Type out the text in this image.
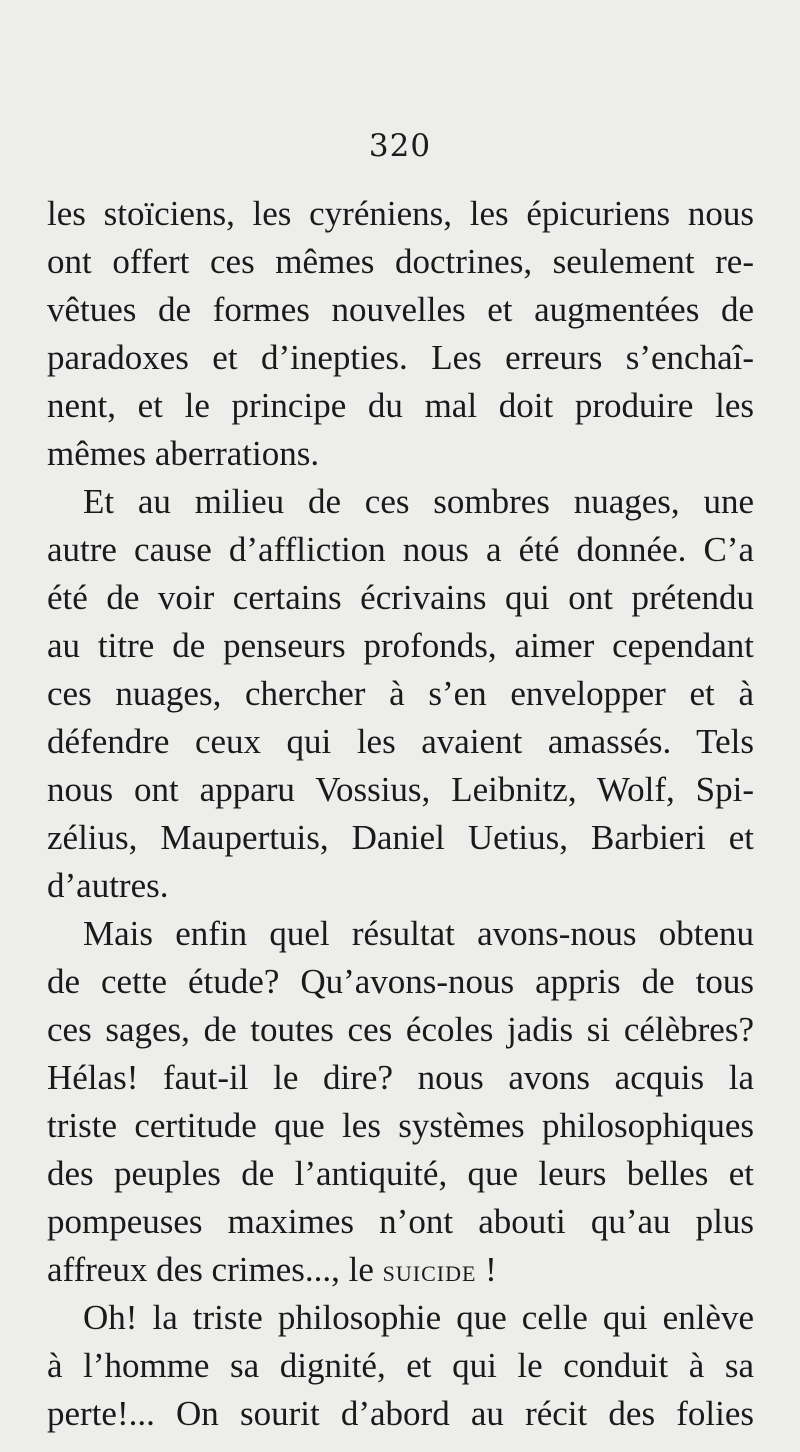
320
les stoïciens, les cyréniens, les épicuriens nous
ont offert ces mêmes doctrines, seulement re-
vêtues de formes nouvelles et augmentées de
paradoxes et d’inepties. Les erreurs s’enchaî-
nent, et le principe du mal doit produire les
mêmes aberrations.
Et au milieu de ces sombres nuages, une
autre cause d’affliction nous a été donnée. C’a
été de voir certains écrivains qui ont prétendu
au titre de penseurs profonds, aimer cependant
ces nuages, chercher à s’en envelopper et à
défendre ceux qui les avaient amassés. Tels
nous ont apparu Vossius, Leibnitz, Wolf, Spi-
zélius, Maupertuis, Daniel Uetius, Barbieri et
d’autres.
Mais enfin quel résultat avons-nous obtenu
de cette étude? Qu’avons-nous appris de tous
ces sages, de toutes ces écoles jadis si célèbres?
Hélas! faut-il le dire? nous avons acquis la
triste certitude que les systèmes philosophiques
des peuples de l’antiquité, que leurs belles et
pompeuses maximes n’ont abouti qu’au plus
affreux des crimes..., le SUICIDE !
Oh! la triste philosophie que celle qui enlève
à l’homme sa dignité, et qui le conduit à sa
perte!... On sourit d’abord au récit des folies
